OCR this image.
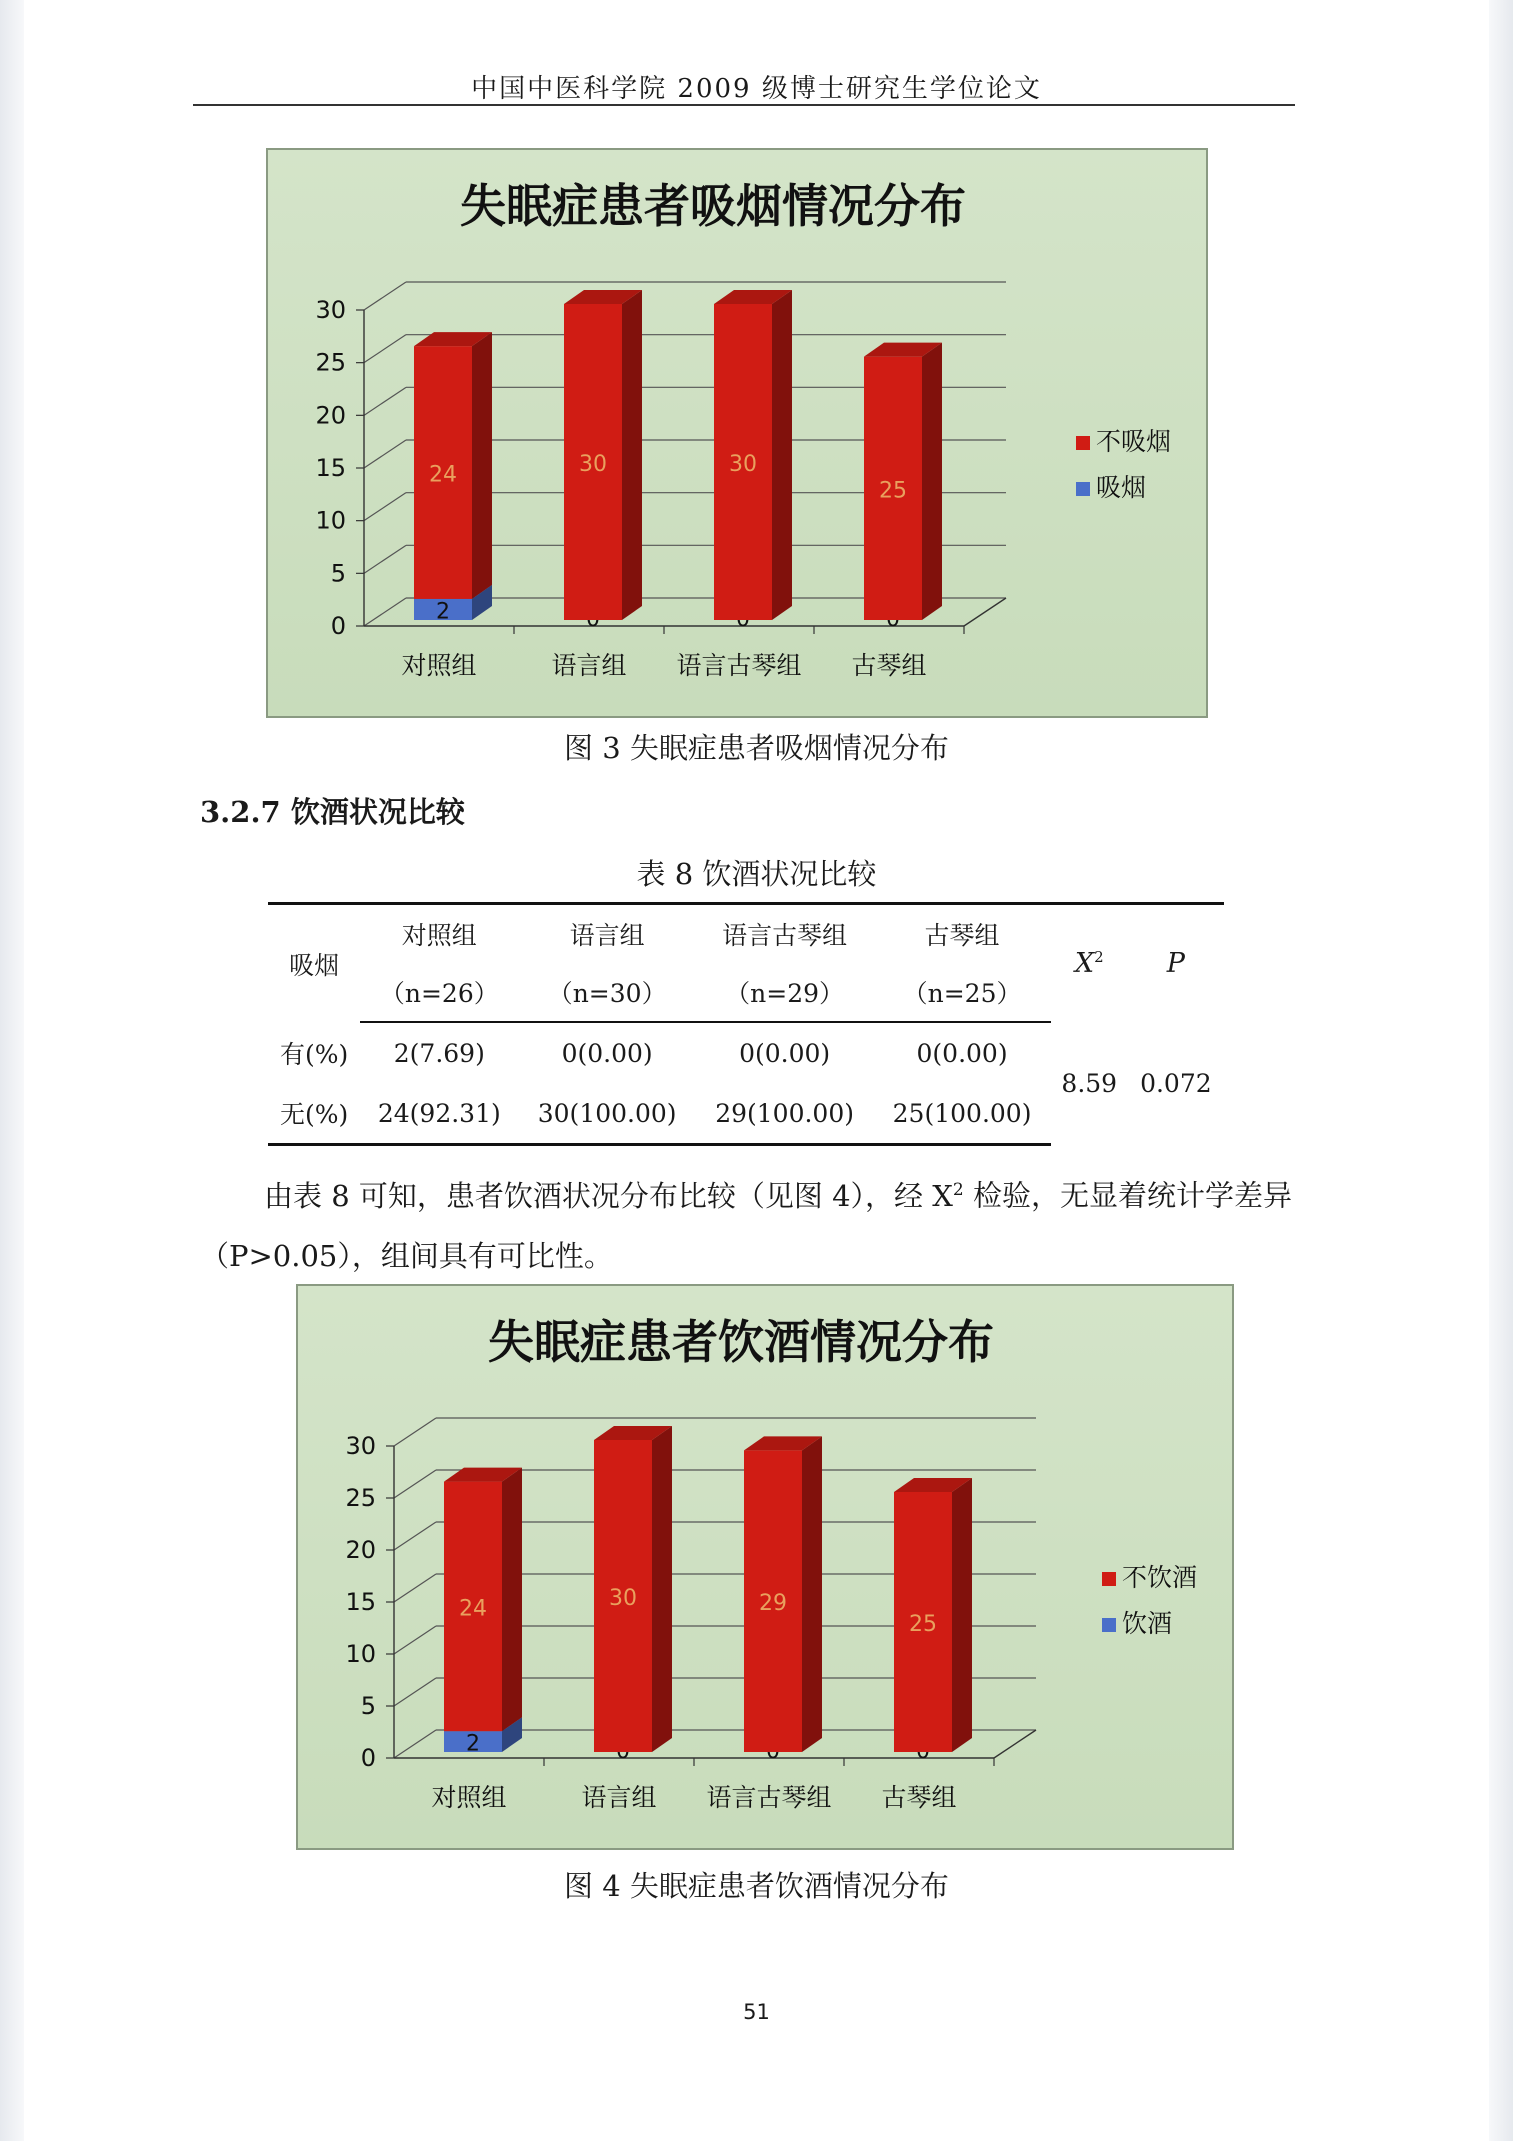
中国中医科学院 2009 级博士研究生学位论文
失眠症患者吸烟情况分布
0
5
10
15
20
25
30
2
24
对照组
30
语言组
30
语言古琴组
25
古琴组
不吸烟
吸烟
图 3 失眠症患者吸烟情况分布
3.2.7 饮酒状况比较
表 8 饮酒状况比较
吸烟	对照组	语言组	语言古琴组	古琴组	$X^2$	P
	（n=26）	（n=30）	（n=29）	（n=25）		
有(%)	2(7.69)	0(0.00)	0(0.00)	0(0.00)	8.59	0.072
无(%)	24(92.31)	30(100.00)	29(100.00)	25(100.00)		
由表 8 可知，患者饮酒状况分布比较（见图 4），经 $X^2$ 检验，无显着统计学差异（P>0.05），组间具有可比性。
失眠症患者饮酒情况分布
0
5
10
15
20
25
30
2
24
对照组
30
语言组
29
语言古琴组
25
古琴组
不饮酒
饮酒
图 4 失眠症患者饮酒情况分布
51
